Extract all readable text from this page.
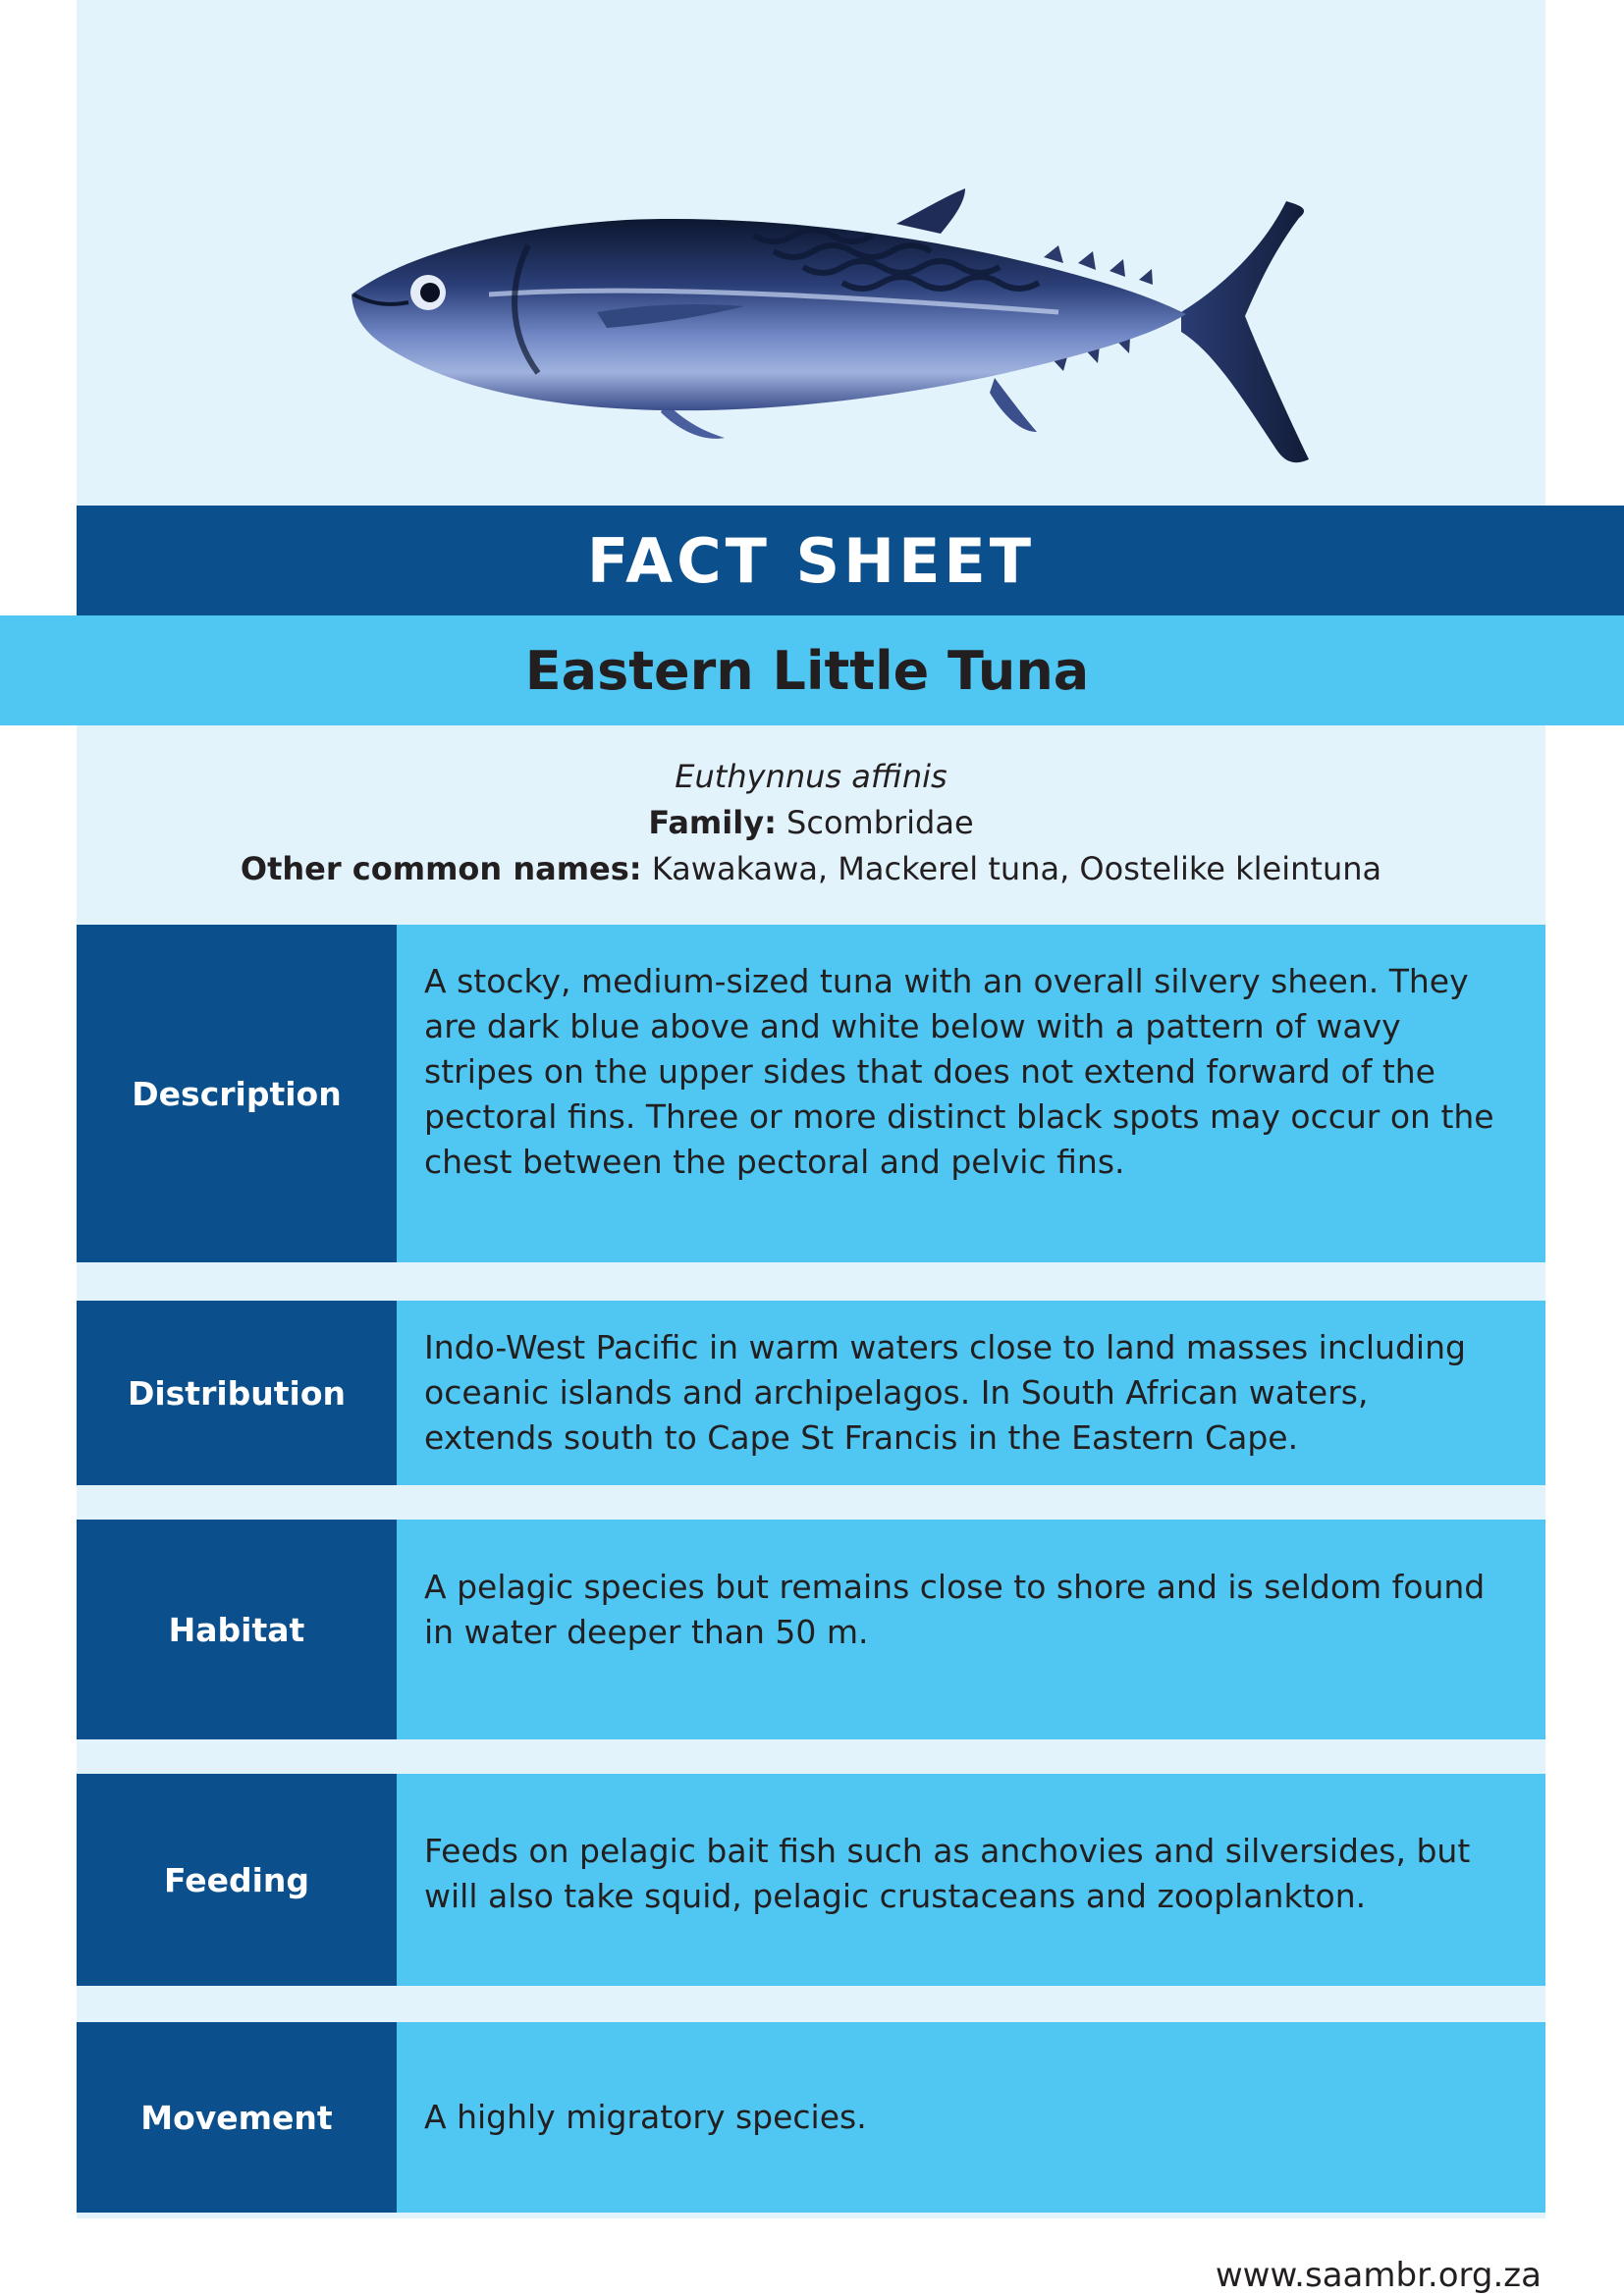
FACT SHEET
Eastern Little Tuna
Euthynnus affinis
Family: Scombridae
Other common names: Kawakawa, Mackerel tuna, Oostelike kleintuna
Description
A stocky, medium-sized tuna with an overall silvery sheen. They are dark blue above and white below with a pattern of wavy stripes on the upper sides that does not extend forward of the pectoral fins. Three or more distinct black spots may occur on the chest between the pectoral and pelvic fins.
Distribution
Indo-West Pacific in warm waters close to land masses including oceanic islands and archipelagos. In South African waters, extends south to Cape St Francis in the Eastern Cape.
Habitat
A pelagic species but remains close to shore and is seldom found in water deeper than 50 m.
Feeding
Feeds on pelagic bait fish such as anchovies and silversides, but will also take squid, pelagic crustaceans and zooplankton.
Movement	A highly migratory species.
www.saambr.org.za
